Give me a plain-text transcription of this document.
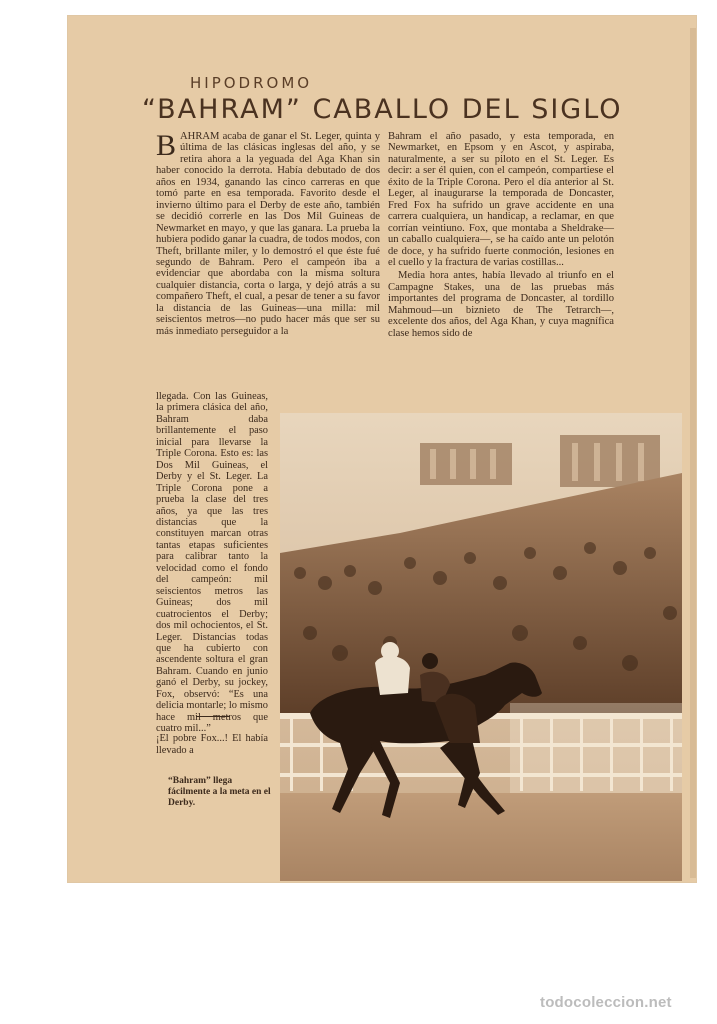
HIPODROMO
“BAHRAM” CABALLO DEL SIGLO

BAHRAM acaba de ganar el St. Leger, quinta y última de las clásicas inglesas del año, y se retira ahora a la yeguada del Aga Khan sin haber conocido la derrota. Había debutado de dos años en 1934, ganando las cinco carreras en que tomó parte en esa temporada. Favorito desde el invierno último para el Derby de este año, también se decidió correrle en las Dos Mil Guineas de Newmarket en mayo, y que las ganara. La prueba la hubiera podido ganar la cuadra, de todos modos, con Theft, brillante miler, y lo demostró el que éste fué segundo de Bahram. Pero el campeón iba a evidenciar que abordaba con la misma soltura cualquier distancia, corta o larga, y dejó atrás a su compañero Theft, el cual, a pesar de tener a su favor la distancia de las Guineas—una milla: mil seiscientos metros—no pudo hacer más que ser su más inmediato perseguidor a la

llegada. Con las Guineas, la primera clásica del año, Bahram daba brillantemente el paso inicial para llevarse la Triple Corona. Esto es: las Dos Mil Guineas, el Derby y el St. Leger. La Triple Corona pone a prueba la clase del tres años, ya que las tres distancias que la constituyen marcan otras tantas etapas suficientes para calibrar tanto la velocidad como el fondo del campeón: mil seiscientos metros las Guineas; dos mil cuatrocientos el Derby; dos mil ochocientos, el St. Leger. Distancias todas que ha cubierto con ascendente soltura el gran Bahram. Cuando en junio ganó el Derby, su jockey, Fox, observó: “Es una delicia montarle; lo mismo hace mil metros que cuatro mil...”

¡El pobre Fox...! El había llevado a
“Bahram” llega fácilmente a la meta en el Derby.

Bahram el año pasado, y esta temporada, en Newmarket, en Epsom y en Ascot, y aspiraba, naturalmente, a ser su piloto en el St. Leger. Es decir: a ser él quien, con el campeón, compartiese el éxito de la Triple Corona. Pero el día anterior al St. Leger, al inaugurarse la temporada de Doncaster, Fred Fox ha sufrido un grave accidente en una carrera cualquiera, un handicap, a reclamar, en que corrían veintiuno. Fox, que montaba a Sheldrake—un caballo cualquiera—, se ha caído ante un pelotón de doce, y ha sufrido fuerte conmoción, lesiones en el cuello y la fractura de varias costillas...

Media hora antes, había llevado al triunfo en el Campagne Stakes, una de las pruebas más importantes del programa de Doncaster, al tordillo Mahmoud—un biznieto de The Tetrarch—, excelente dos años, del Aga Khan, y cuya magnífica clase hemos sido de

todocoleccion.net
